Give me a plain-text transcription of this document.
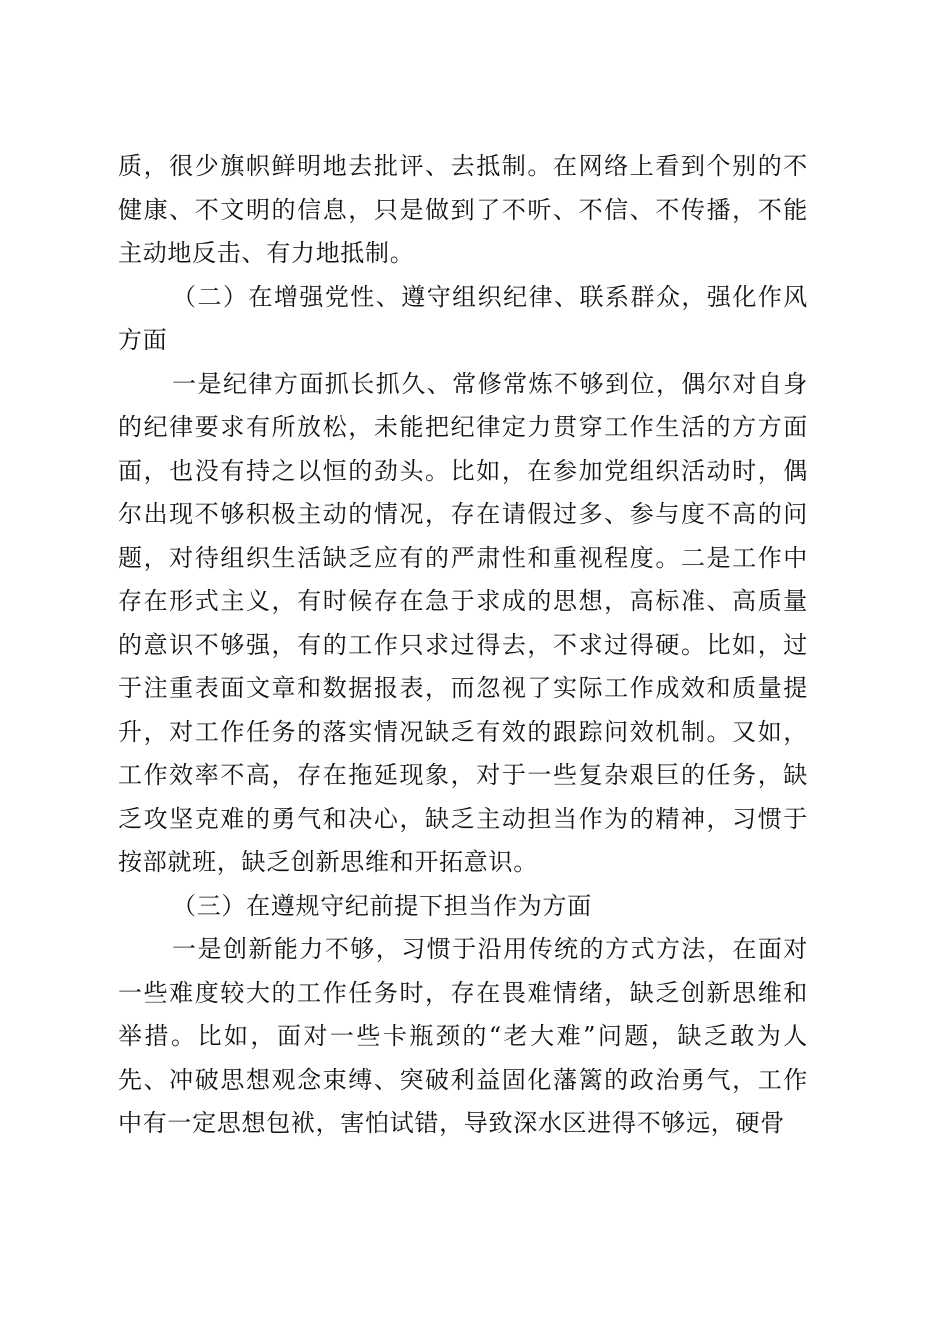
质，很少旗帜鲜明地去批评、去抵制。在网络上看到个别的不健康、不文明的信息，只是做到了不听、不信、不传播，不能主动地反击、有力地抵制。

（二）在增强党性、遵守组织纪律、联系群众，强化作风方面

一是纪律方面抓长抓久、常修常炼不够到位，偶尔对自身的纪律要求有所放松，未能把纪律定力贯穿工作生活的方方面面，也没有持之以恒的劲头。比如，在参加党组织活动时，偶尔出现不够积极主动的情况，存在请假过多、参与度不高的问题，对待组织生活缺乏应有的严肃性和重视程度。二是工作中存在形式主义，有时候存在急于求成的思想，高标准、高质量的意识不够强，有的工作只求过得去，不求过得硬。比如，过于注重表面文章和数据报表，而忽视了实际工作成效和质量提升，对工作任务的落实情况缺乏有效的跟踪问效机制。又如，工作效率不高，存在拖延现象，对于一些复杂艰巨的任务，缺乏攻坚克难的勇气和决心，缺乏主动担当作为的精神，习惯于按部就班，缺乏创新思维和开拓意识。

（三）在遵规守纪前提下担当作为方面

一是创新能力不够，习惯于沿用传统的方式方法，在面对一些难度较大的工作任务时，存在畏难情绪，缺乏创新思维和举措。比如，面对一些卡瓶颈的“老大难”问题，缺乏敢为人先、冲破思想观念束缚、突破利益固化藩篱的政治勇气，工作中有一定思想包袱，害怕试错，导致深水区进得不够远，硬骨
